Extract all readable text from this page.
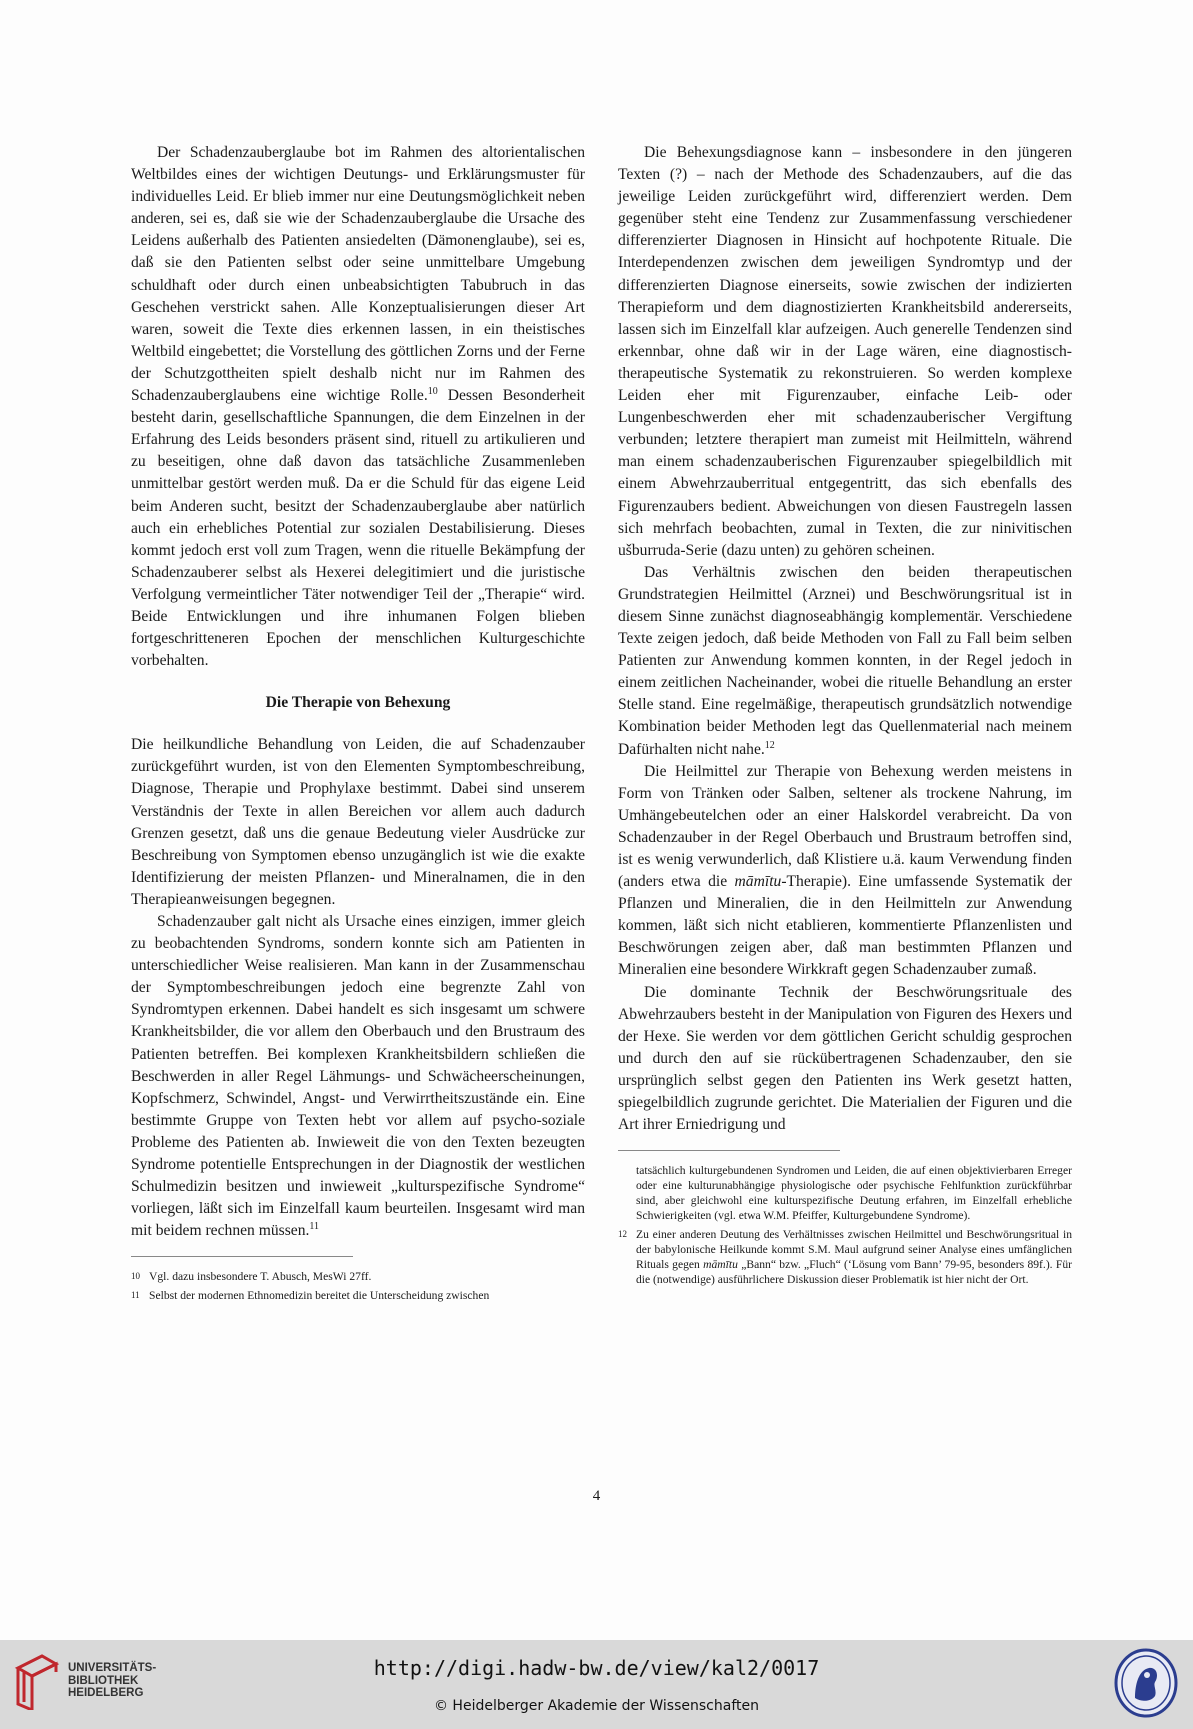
Der Schadenzauberglaube bot im Rahmen des altorientalischen Weltbildes eines der wichtigen Deutungs- und Erklärungsmuster für individuelles Leid. Er blieb immer nur eine Deutungsmöglichkeit neben anderen, sei es, daß sie wie der Schadenzauberglaube die Ursache des Leidens außerhalb des Patienten ansiedelten (Dämonenglaube), sei es, daß sie den Patienten selbst oder seine unmittelbare Umgebung schuldhaft oder durch einen unbeabsichtigten Tabubruch in das Geschehen verstrickt sahen. Alle Konzeptualisierungen dieser Art waren, soweit die Texte dies erkennen lassen, in ein theistisches Weltbild eingebettet; die Vorstellung des göttlichen Zorns und der Ferne der Schutzgottheiten spielt deshalb nicht nur im Rahmen des Schadenzauberglaubens eine wichtige Rolle.$^{10}$ Dessen Besonderheit besteht darin, gesellschaftliche Spannungen, die dem Einzelnen in der Erfahrung des Leids besonders präsent sind, rituell zu artikulieren und zu beseitigen, ohne daß davon das tatsächliche Zusammenleben unmittelbar gestört werden muß. Da er die Schuld für das eigene Leid beim Anderen sucht, besitzt der Schadenzauberglaube aber natürlich auch ein erhebliches Potential zur sozialen Destabilisierung. Dieses kommt jedoch erst voll zum Tragen, wenn die rituelle Bekämpfung der Schadenzauberer selbst als Hexerei delegitimiert und die juristische Verfolgung vermeintlicher Täter notwendiger Teil der „Therapie“ wird. Beide Entwicklungen und ihre inhumanen Folgen blieben fortgeschritteneren Epochen der menschlichen Kulturgeschichte vorbehalten.

Die Therapie von Behexung

Die heilkundliche Behandlung von Leiden, die auf Schadenzauber zurückgeführt wurden, ist von den Elementen Symptombeschreibung, Diagnose, Therapie und Prophylaxe bestimmt. Dabei sind unserem Verständnis der Texte in allen Bereichen vor allem auch dadurch Grenzen gesetzt, daß uns die genaue Bedeutung vieler Ausdrücke zur Beschreibung von Symptomen ebenso unzugänglich ist wie die exakte Identifizierung der meisten Pflanzen- und Mineralnamen, die in den Therapieanweisungen begegnen.

Schadenzauber galt nicht als Ursache eines einzigen, immer gleich zu beobachtenden Syndroms, sondern konnte sich am Patienten in unterschiedlicher Weise realisieren. Man kann in der Zusammenschau der Symptombeschreibungen jedoch eine begrenzte Zahl von Syndromtypen erkennen. Dabei handelt es sich insgesamt um schwere Krankheitsbilder, die vor allem den Oberbauch und den Brustraum des Patienten betreffen. Bei komplexen Krankheitsbildern schließen die Beschwerden in aller Regel Lähmungs- und Schwächeerscheinungen, Kopfschmerz, Schwindel, Angst- und Verwirrtheitszustände ein. Eine bestimmte Gruppe von Texten hebt vor allem auf psycho-soziale Probleme des Patienten ab. Inwieweit die von den Texten bezeugten Syndrome potentielle Entsprechungen in der Diagnostik der westlichen Schulmedizin besitzen und inwieweit „kulturspezifische Syndrome“ vorliegen, läßt sich im Einzelfall kaum beurteilen. Insgesamt wird man mit beidem rechnen müssen.$^{11}$

10 Vgl. dazu insbesondere T. Abusch, MesWi 27ff.
11 Selbst der modernen Ethnomedizin bereitet die Unterscheidung zwischen

Die Behexungsdiagnose kann – insbesondere in den jüngeren Texten (?) – nach der Methode des Schadenzaubers, auf die das jeweilige Leiden zurückgeführt wird, differenziert werden. Dem gegenüber steht eine Tendenz zur Zusammenfassung verschiedener differenzierter Diagnosen in Hinsicht auf hochpotente Rituale. Die Interdependenzen zwischen dem jeweiligen Syndromtyp und der differenzierten Diagnose einerseits, sowie zwischen der indizierten Therapieform und dem diagnostizierten Krankheitsbild andererseits, lassen sich im Einzelfall klar aufzeigen. Auch generelle Tendenzen sind erkennbar, ohne daß wir in der Lage wären, eine diagnostisch-therapeutische Systematik zu rekonstruieren. So werden komplexe Leiden eher mit Figurenzauber, einfache Leib- oder Lungenbeschwerden eher mit schadenzauberischer Vergiftung verbunden; letztere therapiert man zumeist mit Heilmitteln, während man einem schadenzauberischen Figurenzauber spiegelbildlich mit einem Abwehrzauberritual entgegentritt, das sich ebenfalls des Figurenzaubers bedient. Abweichungen von diesen Faustregeln lassen sich mehrfach beobachten, zumal in Texten, die zur ninivitischen ušburruda-Serie (dazu unten) zu gehören scheinen.

Das Verhältnis zwischen den beiden therapeutischen Grundstrategien Heilmittel (Arznei) und Beschwörungsritual ist in diesem Sinne zunächst diagnoseabhängig komplementär. Verschiedene Texte zeigen jedoch, daß beide Methoden von Fall zu Fall beim selben Patienten zur Anwendung kommen konnten, in der Regel jedoch in einem zeitlichen Nacheinander, wobei die rituelle Behandlung an erster Stelle stand. Eine regelmäßige, therapeutisch grundsätzlich notwendige Kombination beider Methoden legt das Quellenmaterial nach meinem Dafürhalten nicht nahe.$^{12}$

Die Heilmittel zur Therapie von Behexung werden meistens in Form von Tränken oder Salben, seltener als trockene Nahrung, im Umhängebeutelchen oder an einer Halskordel verabreicht. Da von Schadenzauber in der Regel Oberbauch und Brustraum betroffen sind, ist es wenig verwunderlich, daß Klistiere u.ä. kaum Verwendung finden (anders etwa die māmītu-Therapie). Eine umfassende Systematik der Pflanzen und Mineralien, die in den Heilmitteln zur Anwendung kommen, läßt sich nicht etablieren, kommentierte Pflanzenlisten und Beschwörungen zeigen aber, daß man bestimmten Pflanzen und Mineralien eine besondere Wirkkraft gegen Schadenzauber zumaß.

Die dominante Technik der Beschwörungsrituale des Abwehrzaubers besteht in der Manipulation von Figuren des Hexers und der Hexe. Sie werden vor dem göttlichen Gericht schuldig gesprochen und durch den auf sie rückübertragenen Schadenzauber, den sie ursprünglich selbst gegen den Patienten ins Werk gesetzt hatten, spiegelbildlich zugrunde gerichtet. Die Materialien der Figuren und die Art ihrer Erniedrigung und

tatsächlich kulturgebundenen Syndromen und Leiden, die auf einen objektivierbaren Erreger oder eine kulturunabhängige physiologische oder psychische Fehlfunktion zurückführbar sind, aber gleichwohl eine kulturspezifische Deutung erfahren, im Einzelfall erhebliche Schwierigkeiten (vgl. etwa W.M. Pfeiffer, Kulturgebundene Syndrome).
12 Zu einer anderen Deutung des Verhältnisses zwischen Heilmittel und Beschwörungsritual in der babylonische Heilkunde kommt S.M. Maul aufgrund seiner Analyse eines umfänglichen Rituals gegen māmītu „Bann“ bzw. „Fluch“ (‘Lösung vom Bann’ 79-95, besonders 89f.). Für die (notwendige) ausführlichere Diskussion dieser Problematik ist hier nicht der Ort.
4
UNIVERSITÄTS-
BIBLIOTHEK
HEIDELBERG
http://digi.hadw-bw.de/view/kal2/0017
© Heidelberger Akademie der Wissenschaften
